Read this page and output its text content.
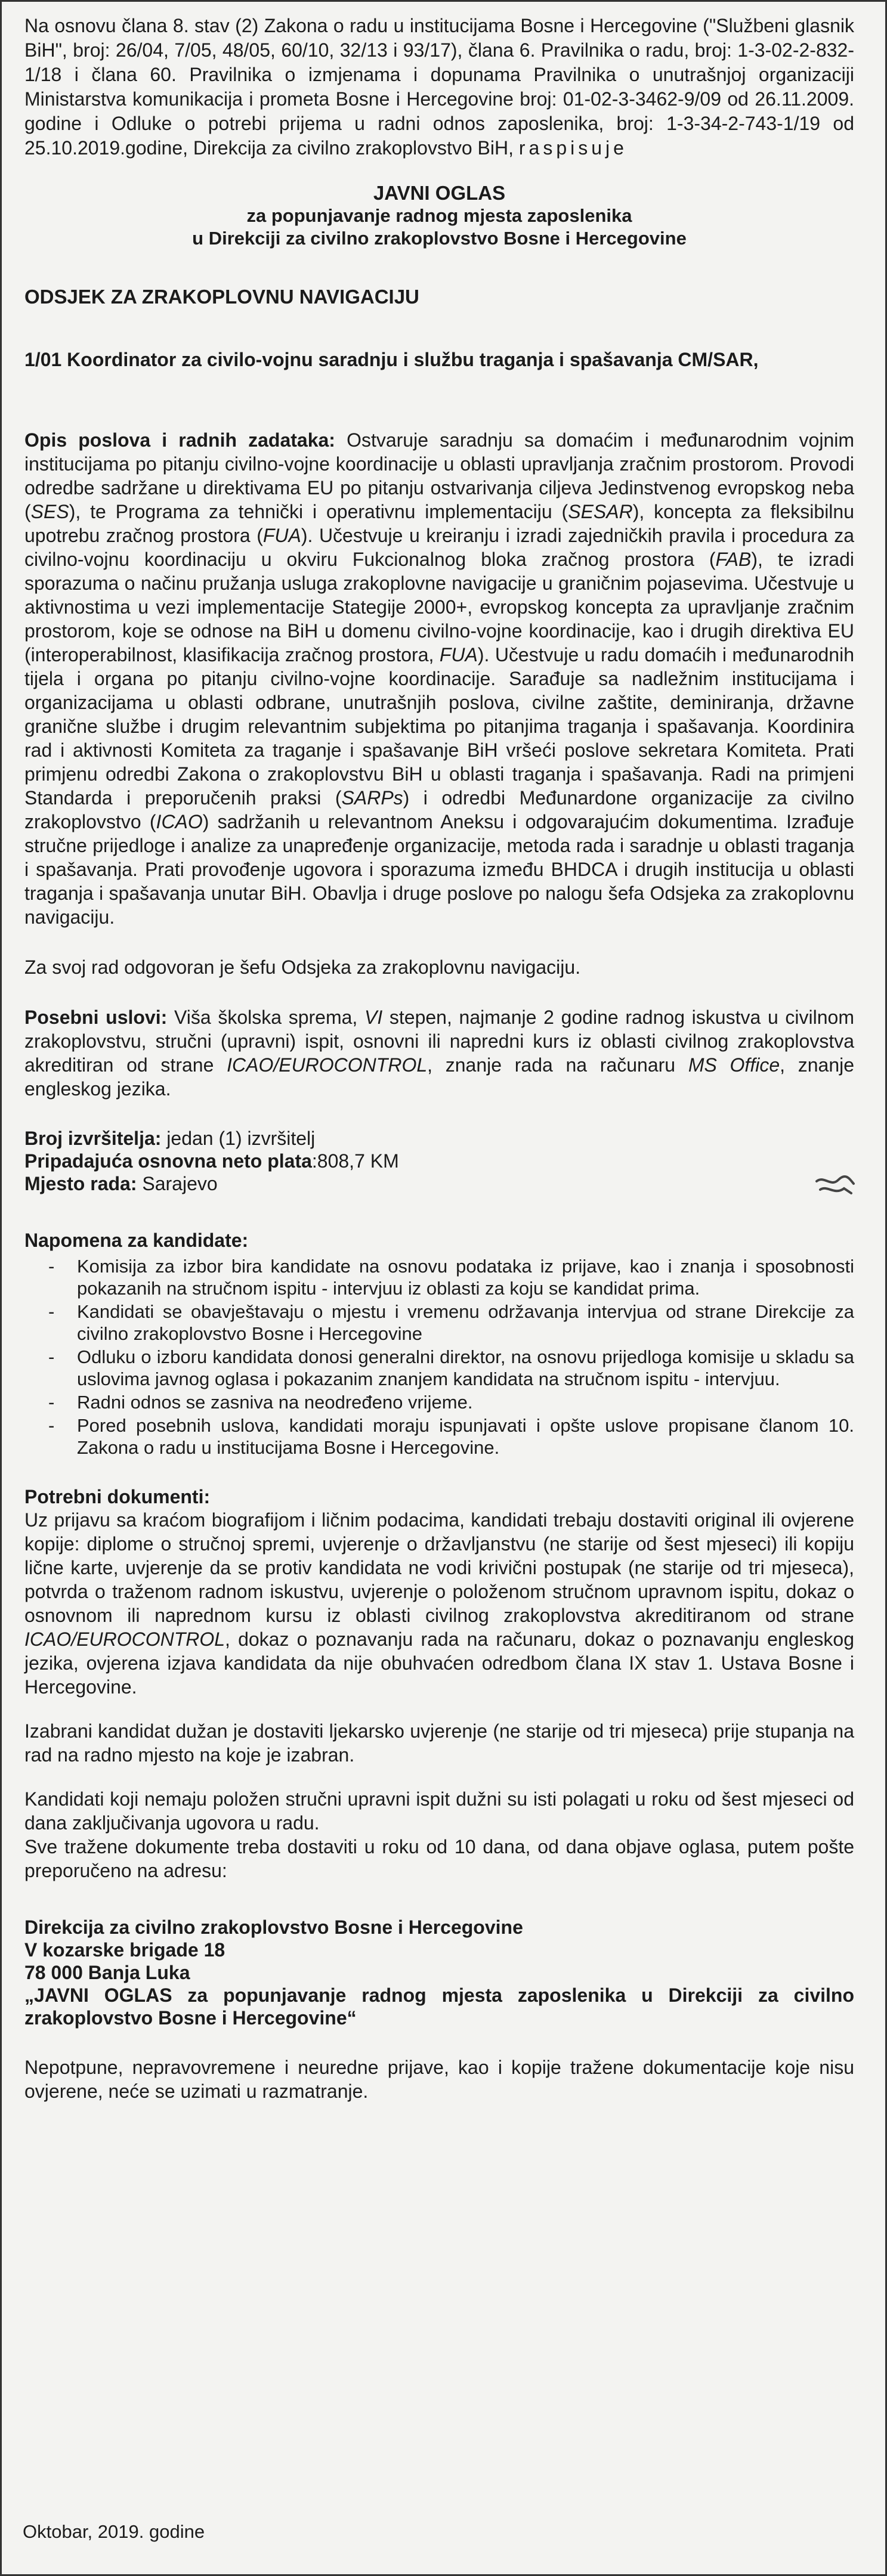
Na osnovu člana 8. stav (2) Zakona o radu u institucijama Bosne i Hercegovine ("Službeni glasnik BiH", broj: 26/04, 7/05, 48/05, 60/10, 32/13 i 93/17), člana 6. Pravilnika o radu, broj: 1-3-02-2-832-1/18 i člana 60. Pravilnika o izmjenama i dopunama Pravilnika o unutrašnjoj organizaciji Ministarstva komunikacija i prometa Bosne i Hercegovine broj: 01-02-3-3462-9/09 od 26.11.2009. godine i Odluke o potrebi prijema u radni odnos zaposlenika, broj: 1-3-34-2-743-1/19 od 25.10.2019.godine, Direkcija za civilno zrakoplovstvo BiH, raspisuje

JAVNI OGLAS
za popunjavanje radnog mjesta zaposlenika
u Direkciji za civilno zrakoplovstvo Bosne i Hercegovine
ODSJEK ZA ZRAKOPLOVNU NAVIGACIJU
1/01 Koordinator za civilo-vojnu saradnju i službu traganja i spašavanja CM/SAR,

Opis poslova i radnih zadataka: Ostvaruje saradnju sa domaćim i međunarodnim vojnim institucijama po pitanju civilno-vojne koordinacije u oblasti upravljanja zračnim prostorom. Provodi odredbe sadržane u direktivama EU po pitanju ostvarivanja ciljeva Jedinstvenog evropskog neba (SES), te Programa za tehnički i operativnu implementaciju (SESAR), koncepta za fleksibilnu upotrebu zračnog prostora (FUA). Učestvuje u kreiranju i izradi zajedničkih pravila i procedura za civilno-vojnu koordinaciju u okviru Fukcionalnog bloka zračnog prostora (FAB), te izradi sporazuma o načinu pružanja usluga zrakoplovne navigacije u graničnim pojasevima. Učestvuje u aktivnostima u vezi implementacije Stategije 2000+, evropskog koncepta za upravljanje zračnim prostorom, koje se odnose na BiH u domenu civilno-vojne koordinacije, kao i drugih direktiva EU (interoperabilnost, klasifikacija zračnog prostora, FUA). Učestvuje u radu domaćih i međunarodnih tijela i organa po pitanju civilno-vojne koordinacije. Sarađuje sa nadležnim institucijama i organizacijama u oblasti odbrane, unutrašnjih poslova, civilne zaštite, deminiranja, državne granične službe i drugim relevantnim subjektima po pitanjima traganja i spašavanja. Koordinira rad i aktivnosti Komiteta za traganje i spašavanje BiH vršeći poslove sekretara Komiteta. Prati primjenu odredbi Zakona o zrakoplovstvu BiH u oblasti traganja i spašavanja. Radi na primjeni Standarda i preporučenih praksi (SARPs) i odredbi Međunardone organizacije za civilno zrakoplovstvo (ICAO) sadržanih u relevantnom Aneksu i odgovarajućim dokumentima. Izrađuje stručne prijedloge i analize za unapređenje organizacije, metoda rada i saradnje u oblasti traganja i spašavanja. Prati provođenje ugovora i sporazuma između BHDCA i drugih institucija u oblasti traganja i spašavanja unutar BiH. Obavlja i druge poslove po nalogu šefa Odsjeka za zrakoplovnu navigaciju.

Za svoj rad odgovoran je šefu Odsjeka za zrakoplovnu navigaciju.

Posebni uslovi: Viša školska sprema, VI stepen, najmanje 2 godine radnog iskustva u civilnom zrakoplovstvu, stručni (upravni) ispit, osnovni ili napredni kurs iz oblasti civilnog zrakoplovstva akreditiran od strane ICAO/EUROCONTROL, znanje rada na računaru MS Office, znanje engleskog jezika.

Broj izvršitelja: jedan (1) izvršitelj
Pripadajuća osnovna neto plata:808,7 KM
Mjesto rada: Sarajevo
Napomena za kandidate:
- Komisija za izbor bira kandidate na osnovu podataka iz prijave, kao i znanja i sposobnosti pokazanih na stručnom ispitu - intervjuu iz oblasti za koju se kandidat prima.
- Kandidati se obavještavaju o mjestu i vremenu održavanja intervjua od strane Direkcije za civilno zrakoplovstvo Bosne i Hercegovine
- Odluku o izboru kandidata donosi generalni direktor, na osnovu prijedloga komisije u skladu sa uslovima javnog oglasa i pokazanim znanjem kandidata na stručnom ispitu - intervjuu.
- Radni odnos se zasniva na neodređeno vrijeme.
- Pored posebnih uslova, kandidati moraju ispunjavati i opšte uslove propisane članom 10. Zakona o radu u institucijama Bosne i Hercegovine.
Potrebni dokumenti:

Uz prijavu sa kraćom biografijom i ličnim podacima, kandidati trebaju dostaviti original ili ovjerene kopije: diplome o stručnoj spremi, uvjerenje o državljanstvu (ne starije od šest mjeseci) ili kopiju lične karte, uvjerenje da se protiv kandidata ne vodi krivični postupak (ne starije od tri mjeseca), potvrda o traženom radnom iskustvu, uvjerenje o položenom stručnom upravnom ispitu, dokaz o osnovnom ili naprednom kursu iz oblasti civilnog zrakoplovstva akreditiranom od strane ICAO/EUROCONTROL, dokaz o poznavanju rada na računaru, dokaz o poznavanju engleskog jezika, ovjerena izjava kandidata da nije obuhvaćen odredbom člana IX stav 1. Ustava Bosne i Hercegovine.

Izabrani kandidat dužan je dostaviti ljekarsko uvjerenje (ne starije od tri mjeseca) prije stupanja na rad na radno mjesto na koje je izabran.

Kandidati koji nemaju položen stručni upravni ispit dužni su isti polagati u roku od šest mjeseci od dana zaključivanja ugovora u radu.

Sve tražene dokumente treba dostaviti u roku od 10 dana, od dana objave oglasa, putem pošte preporučeno na adresu:

Direkcija za civilno zrakoplovstvo Bosne i Hercegovine
V kozarske brigade 18
78 000 Banja Luka
„JAVNI OGLAS za popunjavanje radnog mjesta zaposlenika u Direkciji za civilno zrakoplovstvo Bosne i Hercegovine“

Nepotpune, nepravovremene i neuredne prijave, kao i kopije tražene dokumentacije koje nisu ovjerene, neće se uzimati u razmatranje.

Oktobar, 2019. godine
